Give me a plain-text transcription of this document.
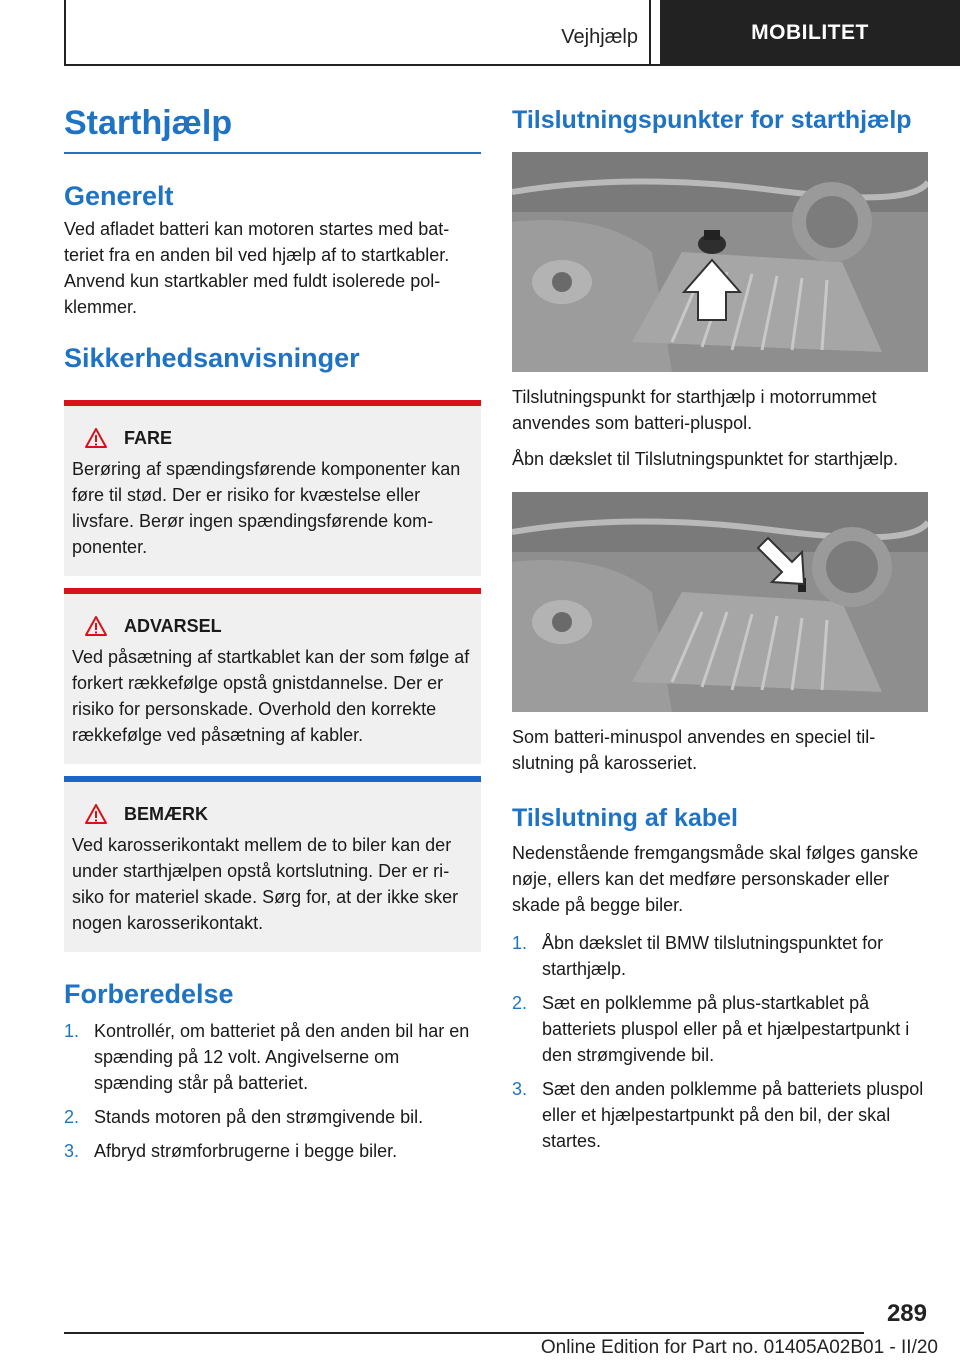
Vejhjælp	MOBILITET
Starthjælp
Generelt

Ved afladet batteri kan motoren startes med batteriet fra en anden bil ved hjælp af to startkabler. Anvend kun startkabler med fuldt isolerede polklemmer.

Sikkerhedsanvisninger
FARE

Berøring af spændingsførende komponenter kan føre til stød. Der er risiko for kvæstelse eller livsfare. Berør ingen spændingsførende komponenter.

ADVARSEL

Ved påsætning af startkablet kan der som følge af forkert rækkefølge opstå gnistdannelse. Der er risiko for personskade. Overhold den korrekte rækkefølge ved påsætning af kabler.

BEMÆRK

Ved karosserikontakt mellem de to biler kan der under starthjælpen opstå kortslutning. Der er risiko for materiel skade. Sørg for, at der ikke sker nogen karosserikontakt.

Forberedelse
1. Kontrollér, om batteriet på den anden bil har en spænding på 12 volt. Angivelserne om spænding står på batteriet.
2. Stands motoren på den strømgivende bil.
3. Afbryd strømforbrugerne i begge biler.
Tilslutningspunkter for starthjælp

Tilslutningspunkt for starthjælp i motorrummet anvendes som batteri-pluspol.

Åbn dækslet til Tilslutningspunktet for starthjælp.

Som batteri-minuspol anvendes en speciel tilslutning på karosseriet.

Tilslutning af kabel

Nedenstående fremgangsmåde skal følges ganske nøje, ellers kan det medføre personskader eller skade på begge biler.

1. Åbn dækslet til BMW tilslutningspunktet for starthjælp.
2. Sæt en polklemme på plus-startkablet på batteriets pluspol eller på et hjælpestartpunkt i den strømgivende bil.
3. Sæt den anden polklemme på batteriets pluspol eller et hjælpestartpunkt på den bil, der skal startes.
289
Online Edition for Part no. 01405A02B01 - II/20
